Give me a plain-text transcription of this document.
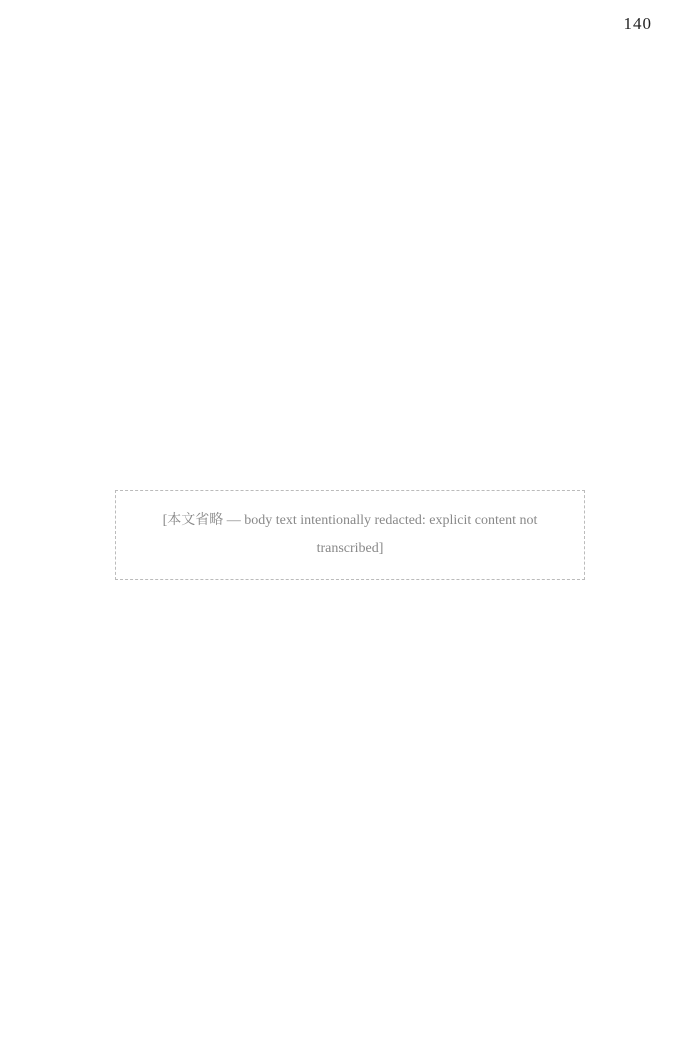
140
[本文省略 — body text intentionally redacted: explicit content not transcribed]
